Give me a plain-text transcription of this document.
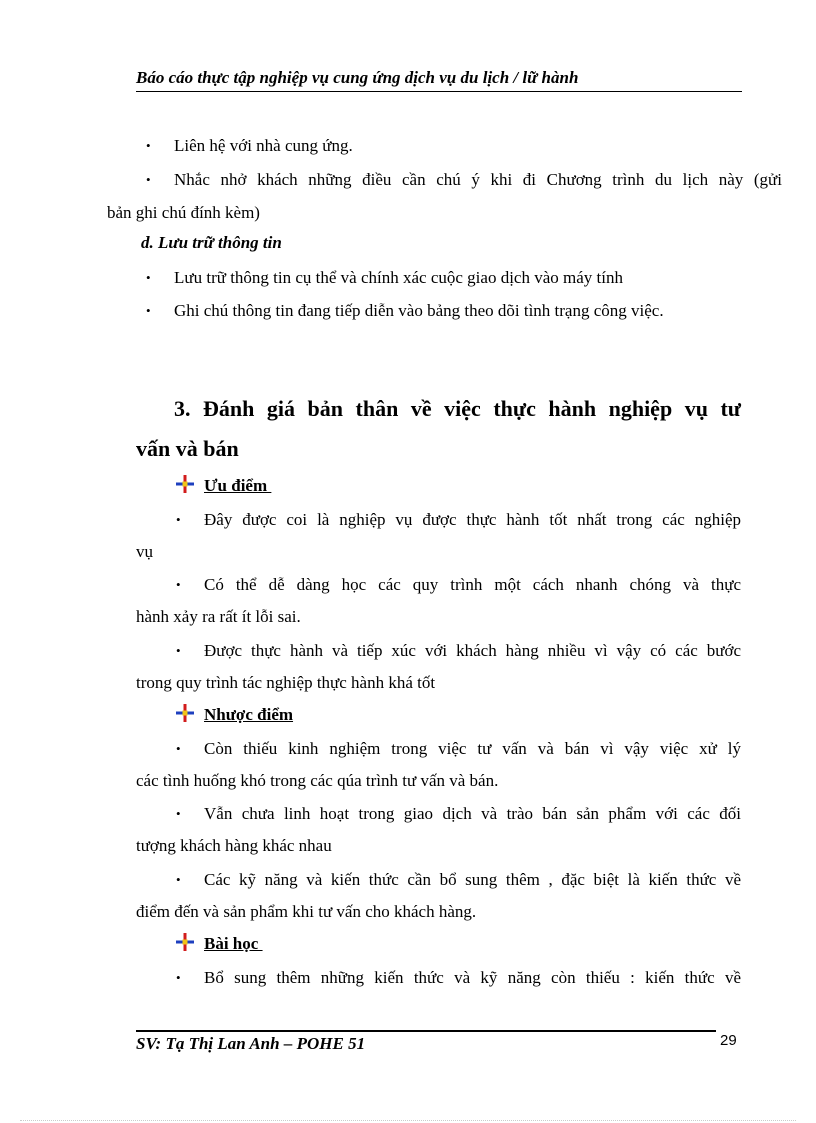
Báo cáo thực tập nghiệp vụ cung ứng dịch vụ du lịch / lữ hành
• Liên hệ với nhà cung ứng.
• Nhắc nhở khách những điều cần chú ý khi đi Chương trình du lịch này (gửi
bản ghi chú đính kèm)
d. Lưu trữ thông tin
• Lưu trữ thông tin cụ thể và chính xác cuộc giao dịch vào máy tính
• Ghi chú thông tin đang tiếp diễn vào bảng theo dõi tình trạng công việc.
3. Đánh giá bản thân về việc thực hành nghiệp vụ tư
vấn và bán
Ưu điểm
• Đây được coi là nghiệp vụ được thực hành tốt nhất trong các nghiệp
vụ
• Có thể dễ dàng học các quy trình một cách nhanh chóng và thực
hành xảy ra rất ít lỗi sai.
• Được thực hành và tiếp xúc với khách hàng nhiều vì vậy có các bước
trong quy trình tác nghiệp thực hành khá tốt
Nhược điểm
• Còn thiếu kinh nghiệm trong việc tư vấn và bán vì vậy việc xử lý
các tình huống khó trong các qúa trình tư vấn và bán.
• Vẫn chưa linh hoạt trong giao dịch và trào bán sản phẩm với các đối
tượng khách hàng khác nhau
• Các kỹ năng và kiến thức cần bổ sung thêm , đặc biệt là kiến thức về
điểm đến và sản phẩm khi tư vấn cho khách hàng.
Bài học
• Bổ sung thêm những kiến thức và kỹ năng còn thiếu : kiến thức về
SV: Tạ Thị Lan Anh – POHE 51	29
